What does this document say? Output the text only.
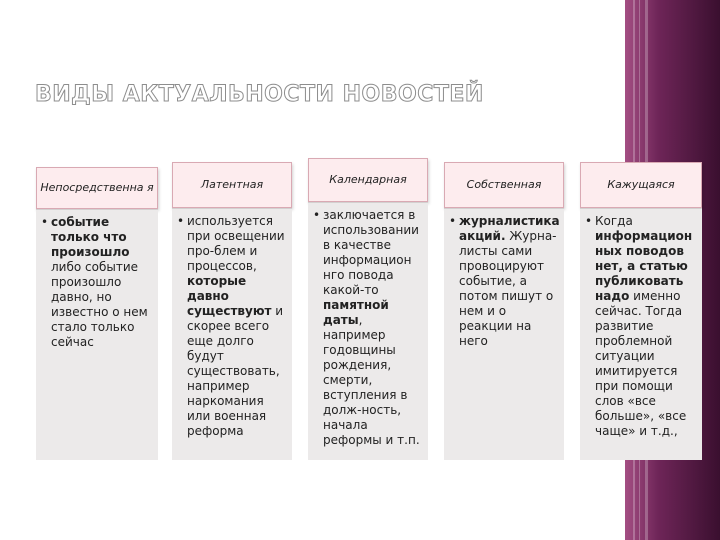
ВИДЫ АКТУАЛЬНОСТИ НОВОСТЕЙ
Непосредственна я
• событие только что произошло либо событие произошло давно, но известно о нем стало только сейчас
Латентная
• используется при освещении про-блем и процессов, которые давно существуют и скорее всего еще долго будут существовать, например наркомания или военная реформа
Календарная
• заключается в использовании в качестве информацион нго повода какой-то памятной даты, например годовщины рождения, смерти, вступления в долж-ность, начала реформы и т.п.
Собственная
• журналистика акций. Журна-листы сами провоцируют событие, а потом пишут о нем и о реакции на него
Кажущаяся
• Когда информацион ных поводов нет, а статью публиковать надо именно сейчас. Тогда развитие проблемной ситуации имитируется при помощи слов «все больше», «все чаще» и т.д.,
